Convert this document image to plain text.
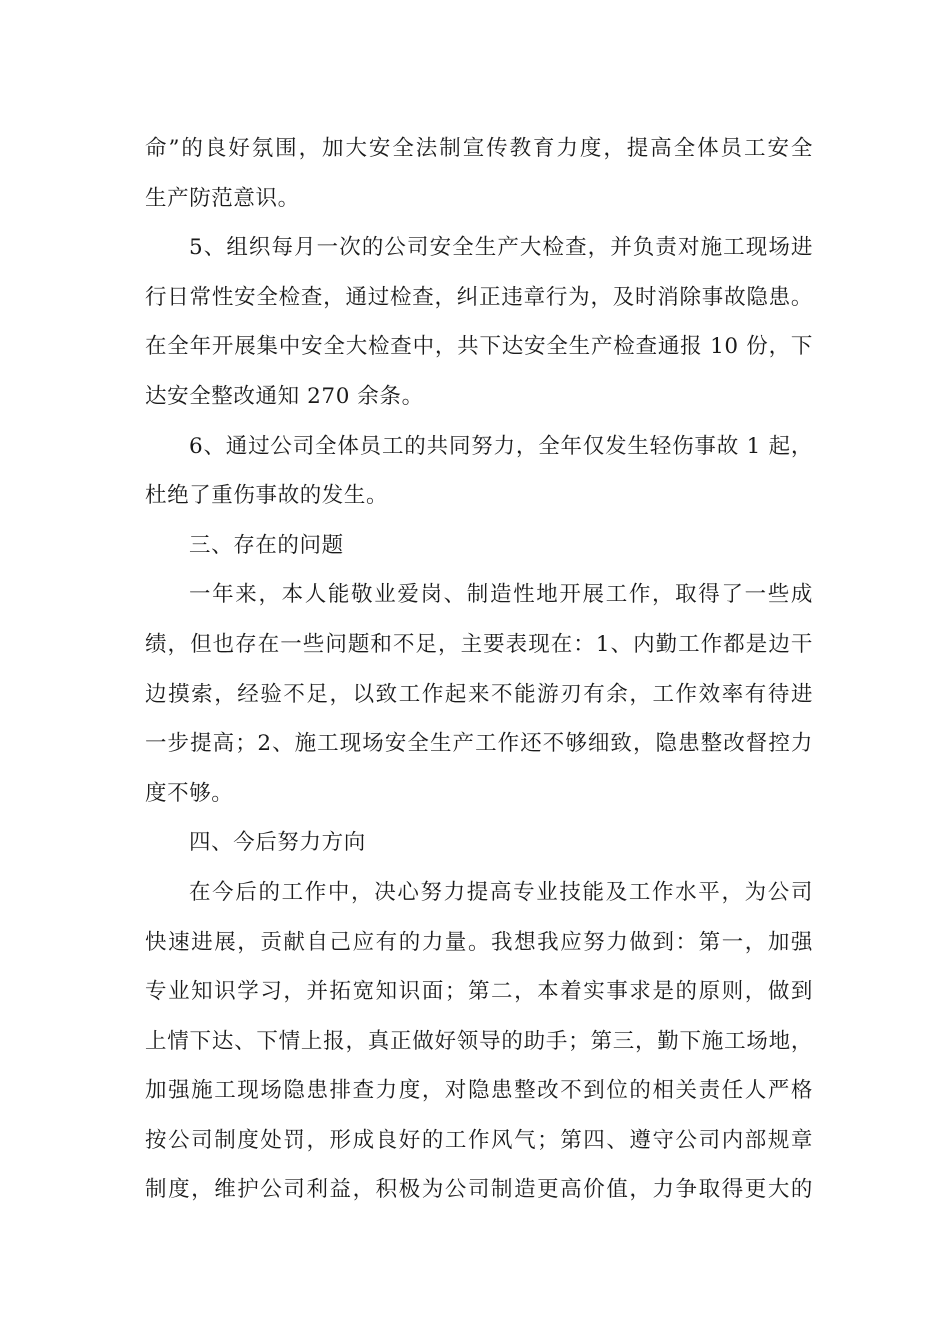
命”的良好氛围，加大安全法制宣传教育力度，提高全体员工安全
生产防范意识。
5、组织每月一次的公司安全生产大检查，并负责对施工现场进
行日常性安全检查，通过检查，纠正违章行为，及时消除事故隐患。
在全年开展集中安全大检查中，共下达安全生产检查通报 10 份，下
达安全整改通知 270 余条。
6、通过公司全体员工的共同努力，全年仅发生轻伤事故 1 起，
杜绝了重伤事故的发生。
三、存在的问题
一年来，本人能敬业爱岗、制造性地开展工作，取得了一些成
绩，但也存在一些问题和不足，主要表现在：1、内勤工作都是边干
边摸索，经验不足，以致工作起来不能游刃有余，工作效率有待进
一步提高；2、施工现场安全生产工作还不够细致，隐患整改督控力
度不够。
四、今后努力方向
在今后的工作中，决心努力提高专业技能及工作水平，为公司
快速进展，贡献自己应有的力量。我想我应努力做到：第一，加强
专业知识学习，并拓宽知识面；第二，本着实事求是的原则，做到
上情下达、下情上报，真正做好领导的助手；第三，勤下施工场地，
加强施工现场隐患排查力度，对隐患整改不到位的相关责任人严格
按公司制度处罚，形成良好的工作风气；第四、遵守公司内部规章
制度，维护公司利益，积极为公司制造更高价值，力争取得更大的
